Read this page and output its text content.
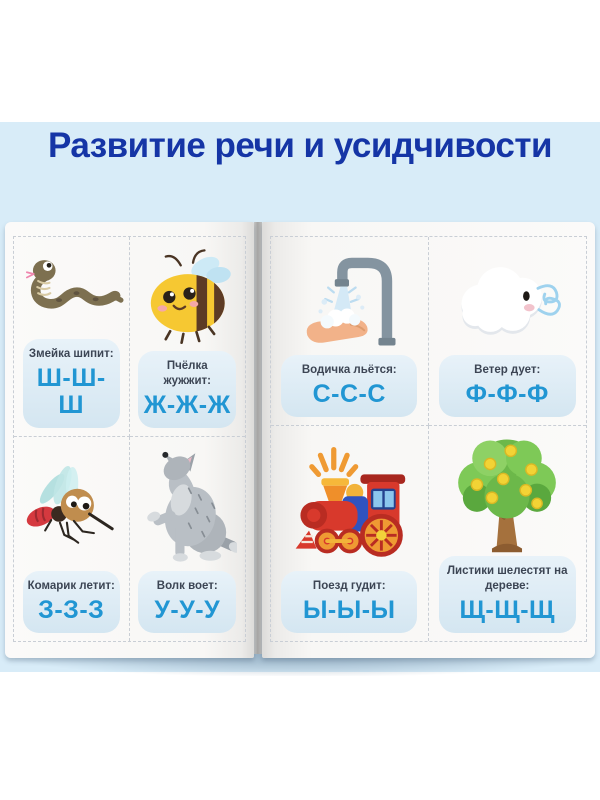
Развитие речи и усидчивости
Змейка шипит:
Ш-Ш-Ш
Пчёлка жужжит:
Ж-Ж-Ж
Комарик летит:
З-З-З
Волк воет:
У-У-У
Водичка льётся:
С-С-С
Ветер дует:
Ф-Ф-Ф
Поезд гудит:
Ы-Ы-Ы
Листики шелестят на дереве:
Щ-Щ-Щ
